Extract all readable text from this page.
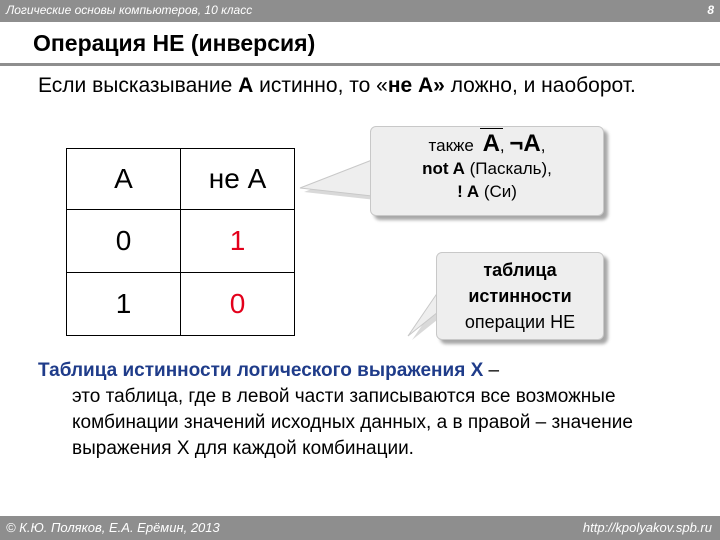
Логические основы компьютеров, 10 класс	8
Операция НЕ (инверсия)
Если высказывание A истинно, то «не A» ложно, и наоборот.
A	не A
0	1
1	0
также A, ¬A,
not A (Паскаль),
! A (Си)
таблица
истинности
операции НЕ
Таблица истинности логического выражения X –
это таблица, где в левой части записываются все возможные комбинации значений исходных данных, а в правой – значение выражения X для каждой комбинации.
© К.Ю. Поляков, Е.А. Ерёмин, 2013	http://kpolyakov.spb.ru
